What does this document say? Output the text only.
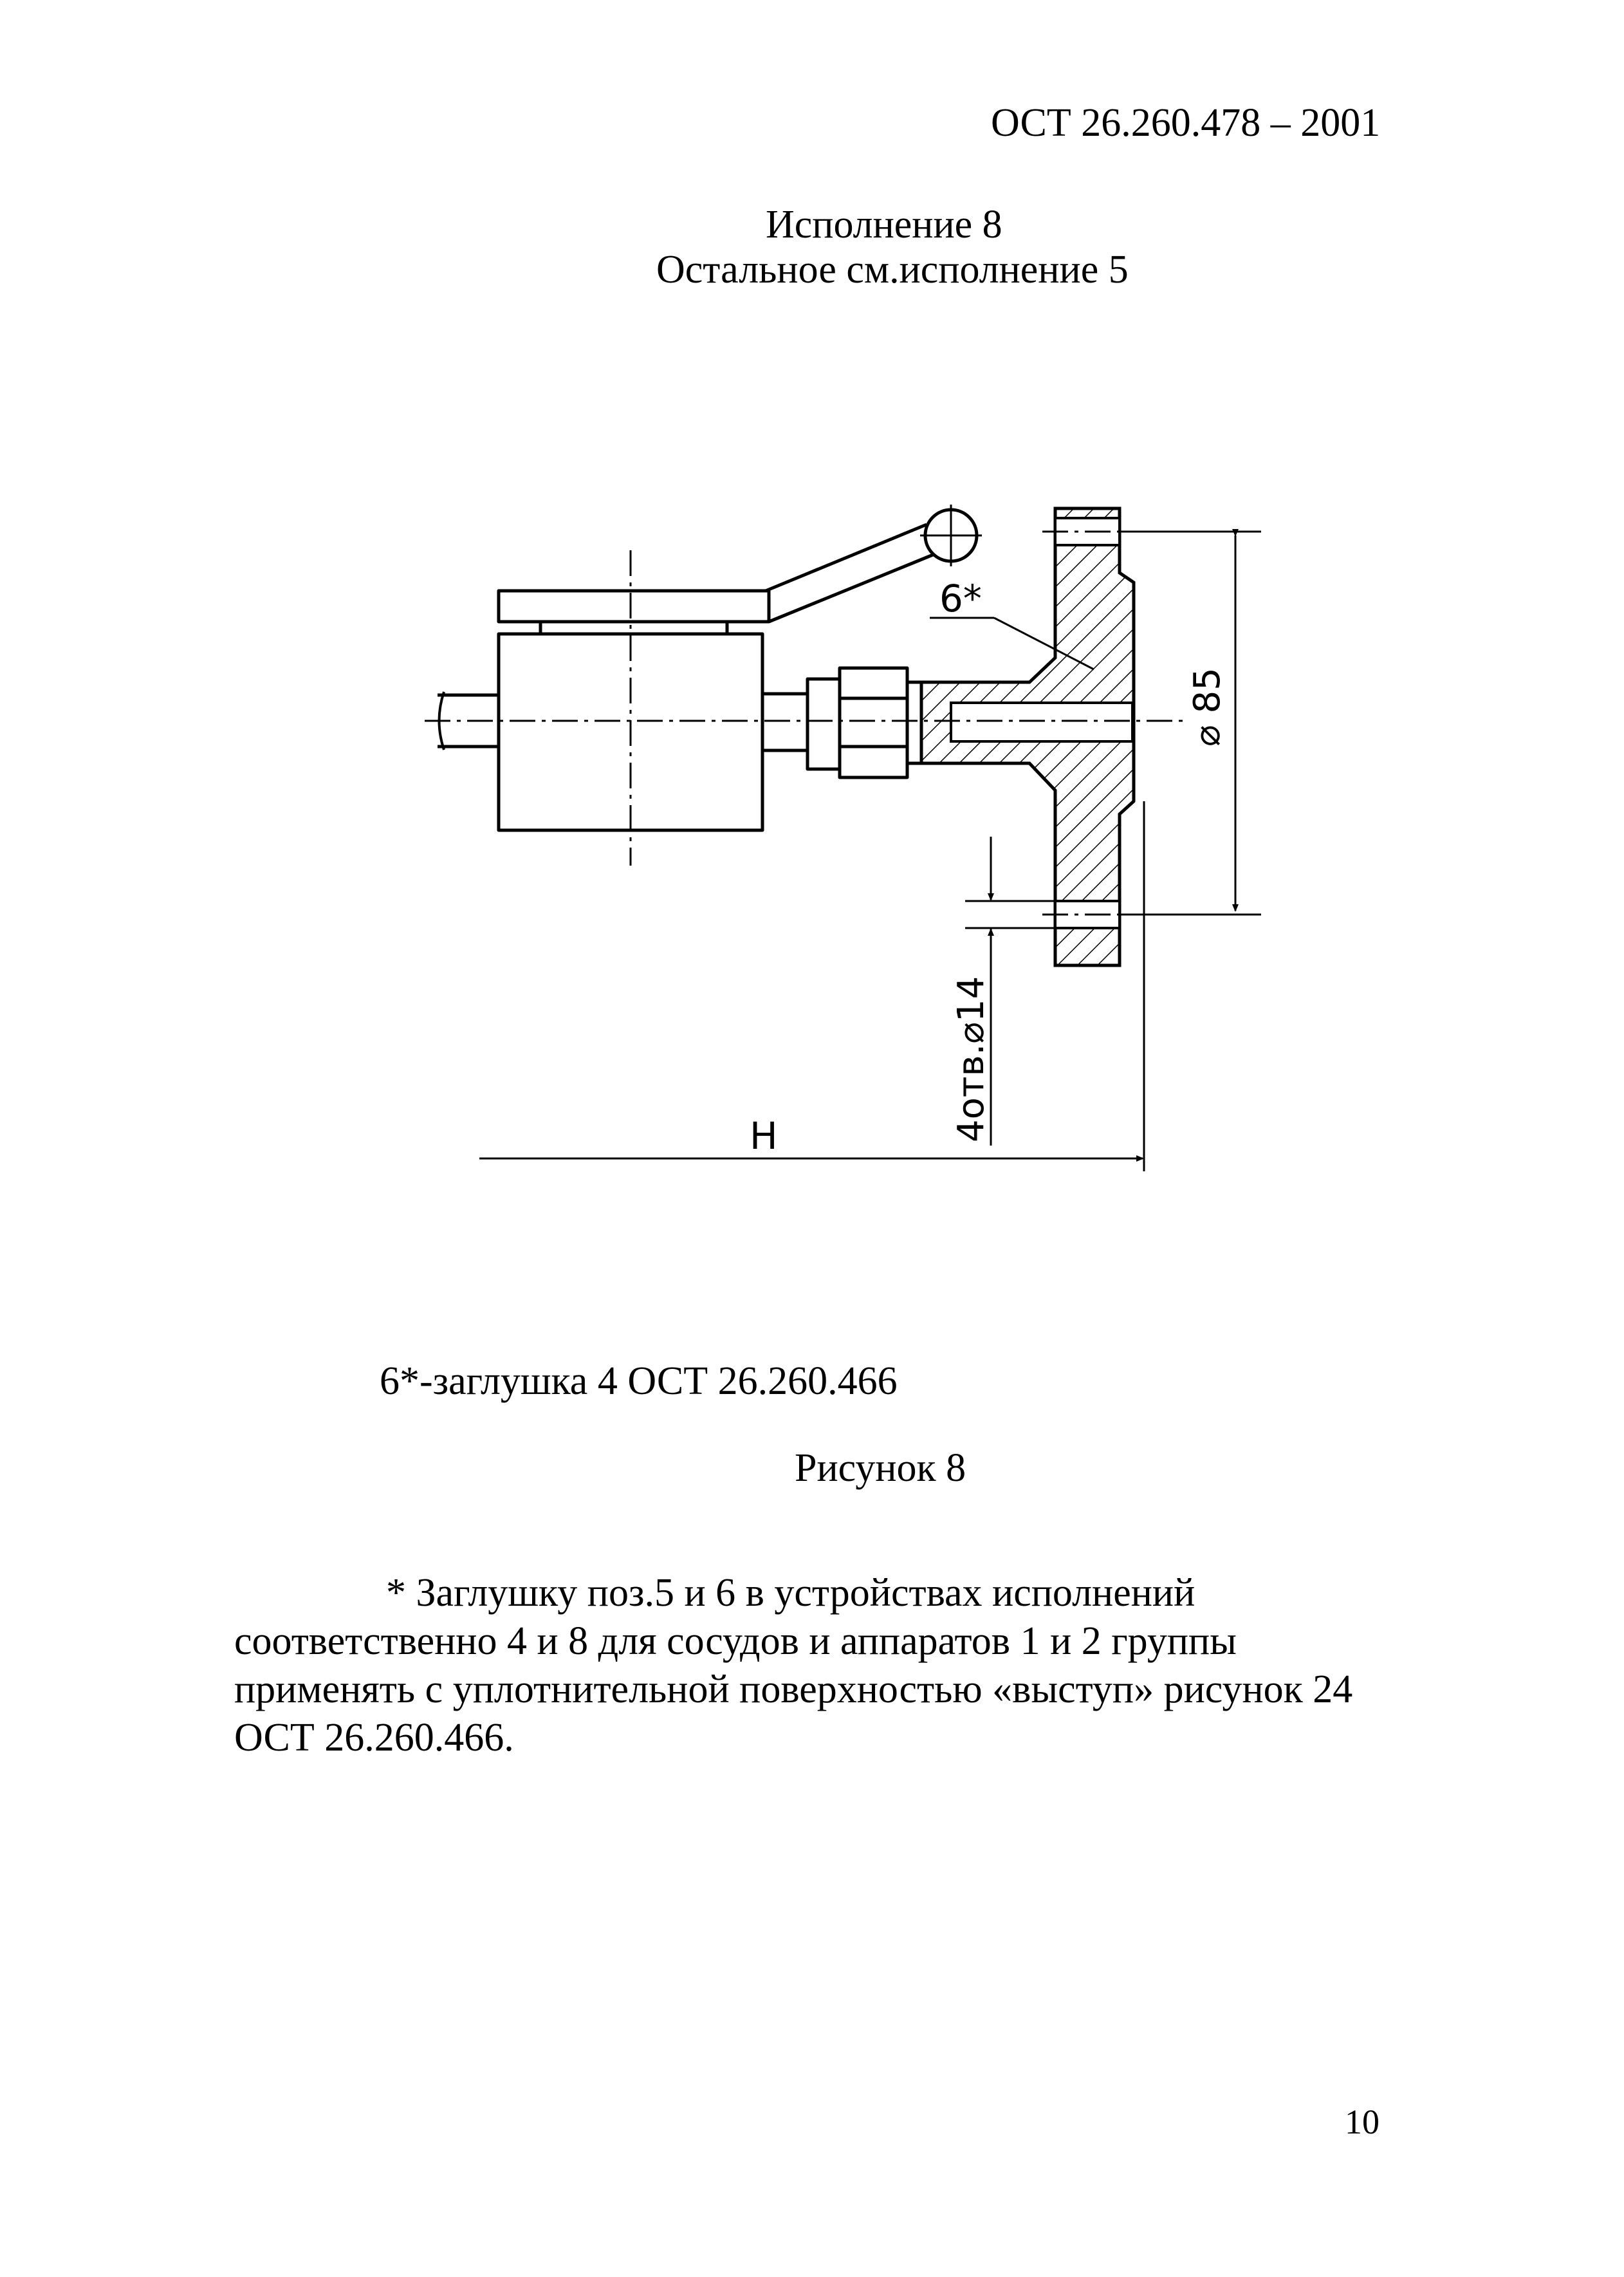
ОСТ 26.260.478 – 2001
Исполнение 8
Остальное см.исполнение 5
6*
⌀ 85
4отв.⌀14
H
6*-заглушка 4 ОСТ 26.260.466
Рисунок 8
* Заглушку поз.5 и 6 в устройствах исполнений
соответственно 4 и 8 для сосудов и аппаратов 1 и 2 группы
применять с уплотнительной поверхностью «выступ» рисунок 24
ОСТ 26.260.466.
10
